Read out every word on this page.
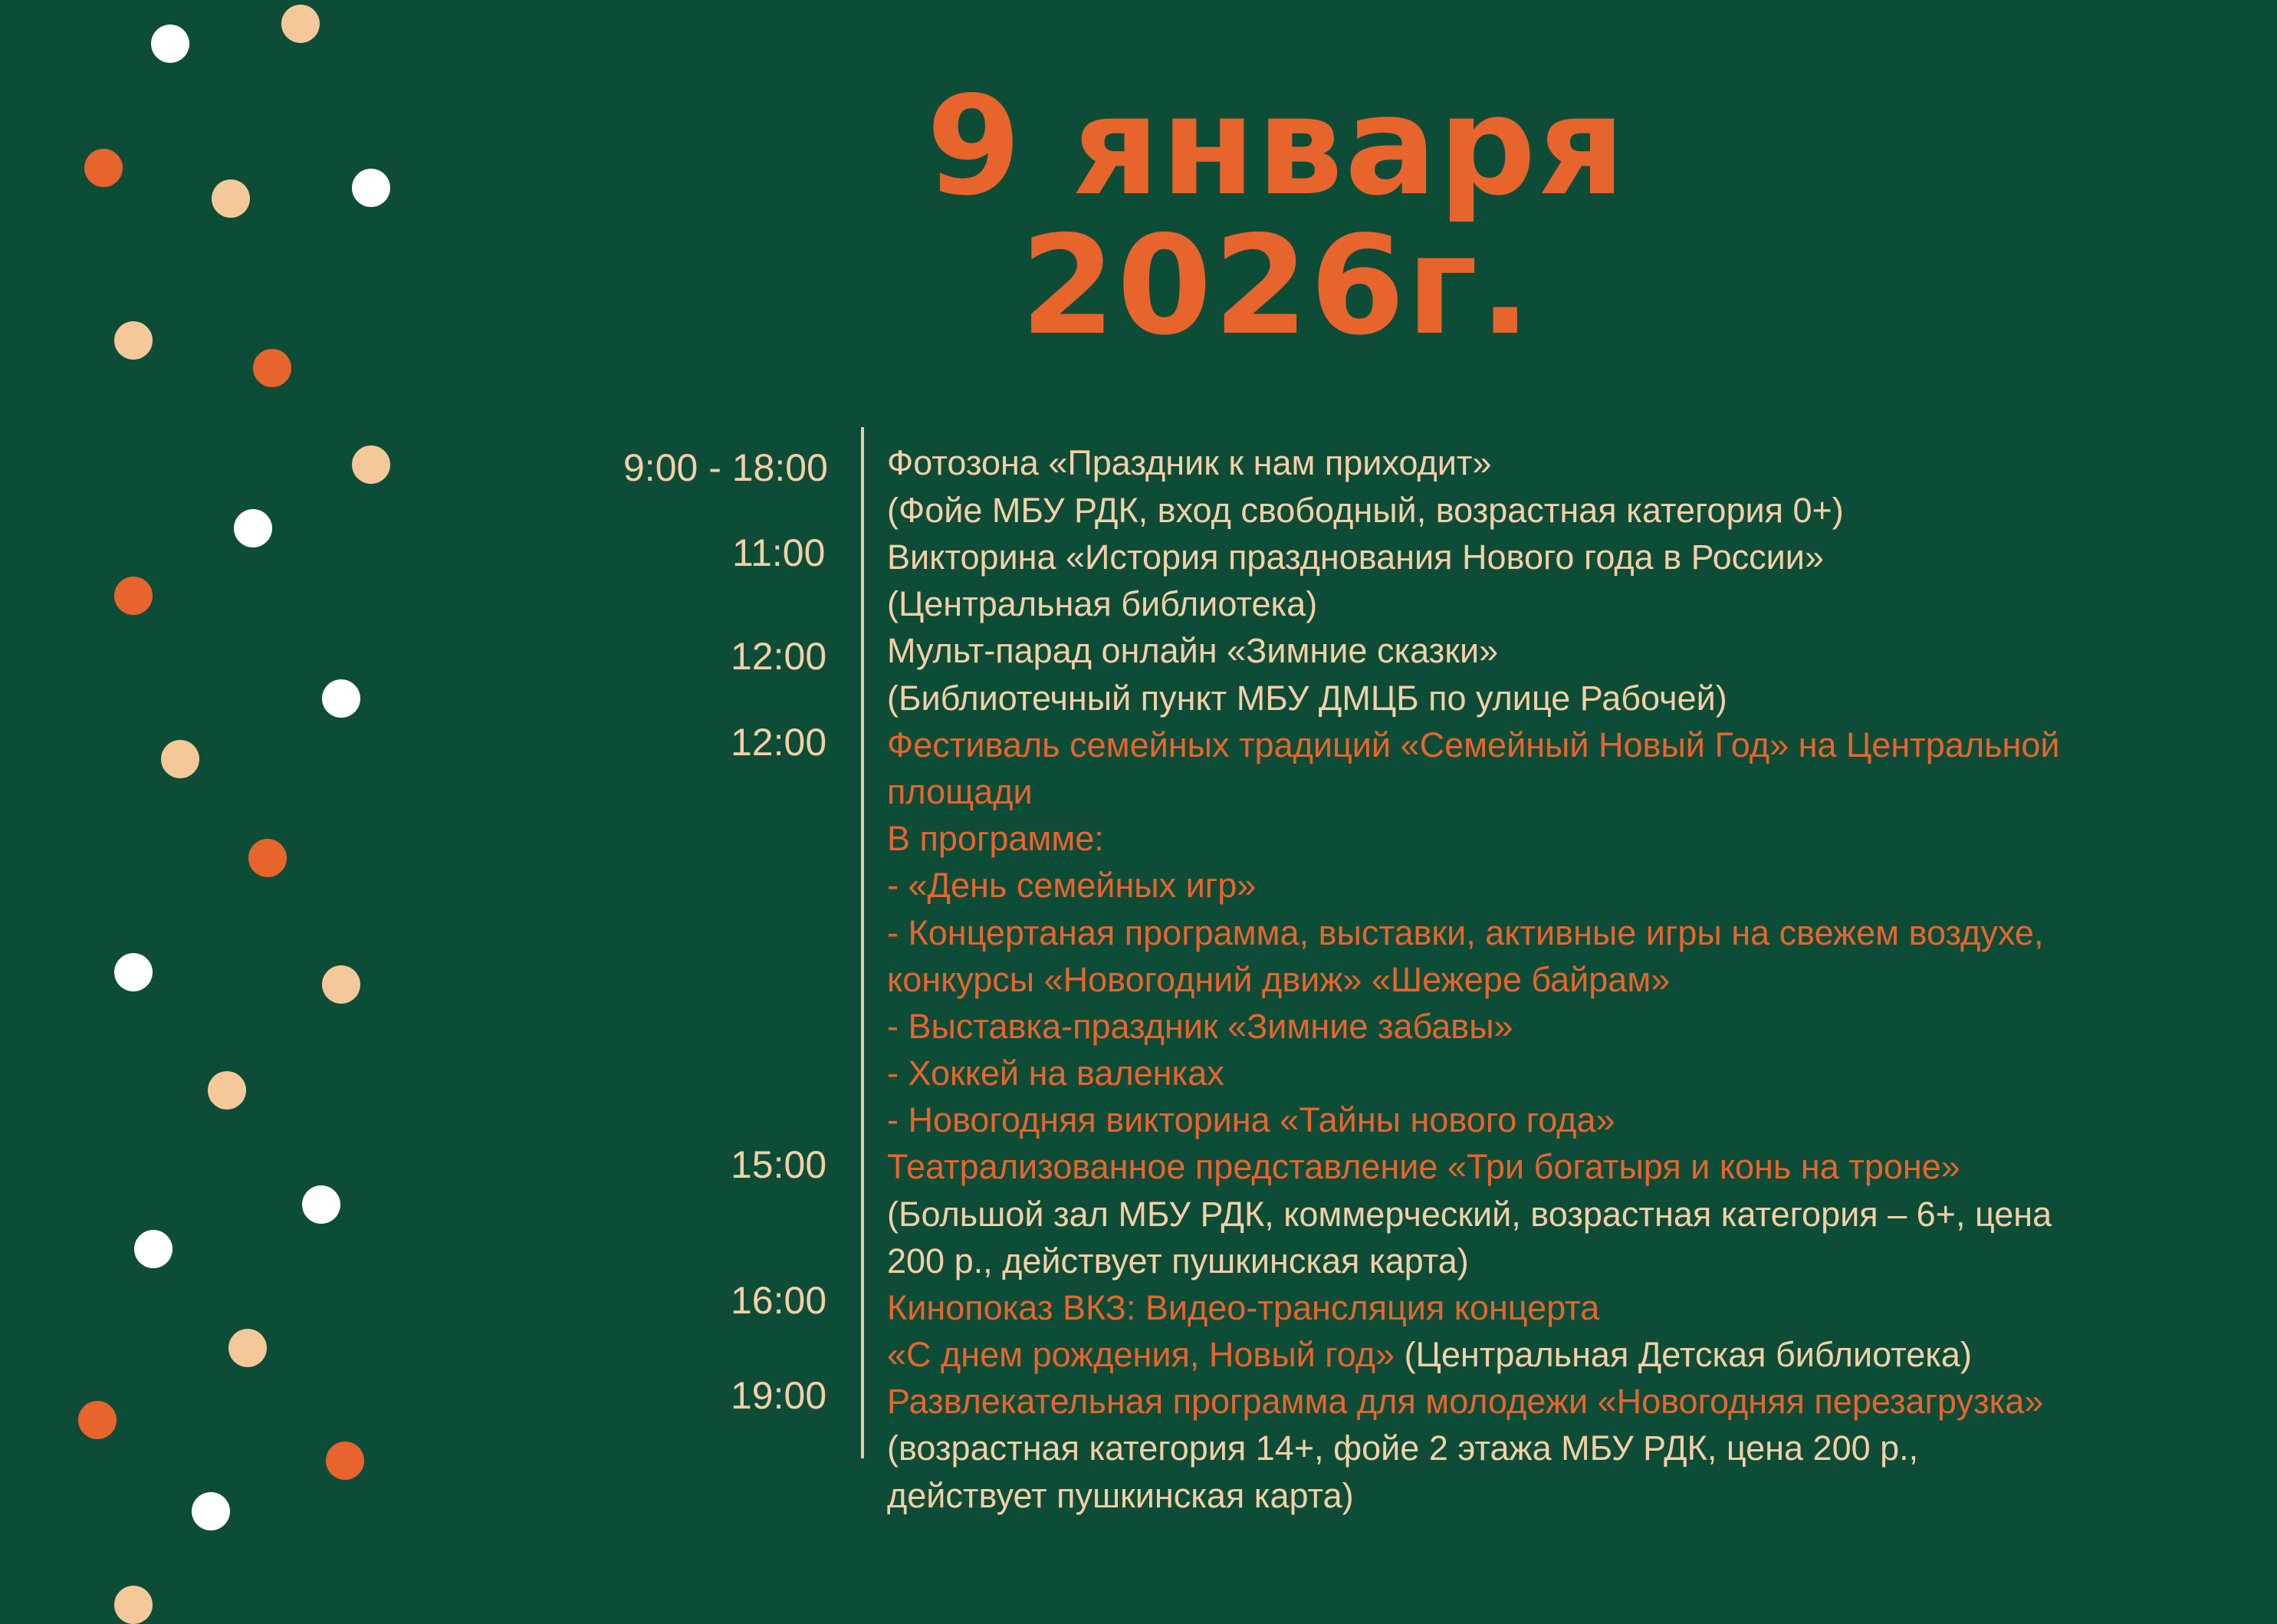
9 января
2026г.
9:00 - 18:00
11:00
12:00
12:00
15:00
16:00
19:00
Фотозона «Праздник к нам приходит»
(Фойе МБУ РДК, вход свободный, возрастная категория 0+)
Викторина «История празднования Нового года в России»
(Центральная библиотека)
Мульт-парад онлайн «Зимние сказки»
(Библиотечный пункт МБУ ДМЦБ по улице Рабочей)
Фестиваль семейных традиций «Семейный Новый Год» на Центральной
площади
В программе:
- «День семейных игр»
- Концертаная программа, выставки, активные игры на свежем воздухе,
конкурсы «Новогодний движ» «Шежере байрам»
- Выставка-праздник «Зимние забавы»
- Хоккей на валенках
- Новогодняя викторина «Тайны нового года»
Театрализованное представление «Три богатыря и конь на троне»
(Большой зал МБУ РДК, коммерческий, возрастная категория – 6+, цена
200 р., действует пушкинская карта)
Кинопоказ ВКЗ: Видео-трансляция концерта
«С днем рождения, Новый год» (Центральная Детская библиотека)
Развлекательная программа для молодежи «Новогодняя перезагрузка»
(возрастная категория 14+, фойе 2 этажа МБУ РДК, цена 200 р.,
действует пушкинская карта)
